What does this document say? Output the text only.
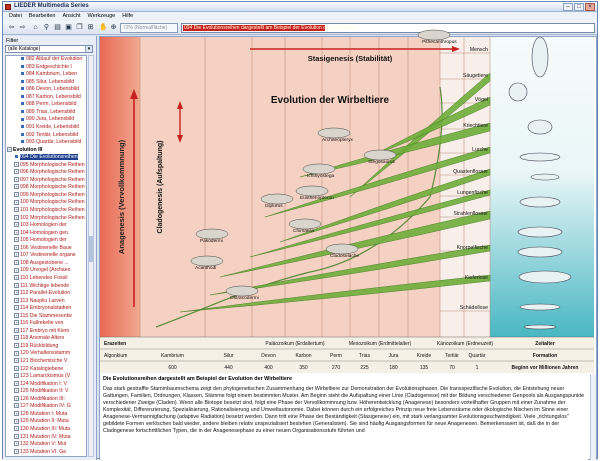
LIEDER Multimedia Series	–	□	×
Datei Bearbeiten Ansicht Werkzeuge Hilfe
⇦ ⇨	⌂ ⚲ ▤ ▣ ❐ ⊞ ✋ ⊕	72% (Normalfläche)	094 Die Evolutionsreihen dargestellt am Beispiel der Evolution der Wirbeltiere
Filter
(alle Kataloge)	▾
082 Ablauf der Evolution
083 Erdgeschichte I
084 Kambrium, Leben
085 Silur, Lebensbild
086 Devon, Lebensbild
087 Karbon, Lebensbild
088 Perm, Lebensbild
089 Trias, Lebensbild
090 Jura, Lebensbild
091 Kreide, Lebensbild
092 Tertiär, Lebensbild
093 Quartär, Lebensbild
− Evolution III
094 Die Evolutionsreihen
+ 095 Morphologische Reihen
+ 096 Morphologische Reihen
+ 097 Morphologische Reihen
+ 098 Morphologische Reihen
+ 099 Morphologische Reihen
+ 100 Morphologische Reihen
+ 101 Morphologische Reihen
+ 102 Morphologische Reihen
+ 103 Homologien der
+ 104 Homologien gen.
+ 105 Homologien der
+ 106 Vestinenelle Baue
+ 107 Vestinenelle organe
+ 108 Ausgestobene ...
+ 109 Urvogel (Archaeo
+ 110 Lebendes Fossil
+ 111 Wichtige lebende
+ 112 Parallel-Evolution
+ 113 Naupliu Larven
+ 114 Embryonalstadien
+ 115 Die Stammesentw
+ 116 Fallrekelte von
+ 117 Embryo mit Kiem
+ 118 Anomale Alters
+ 119 Rückbildung
+ 120 Verhaltensstamm
+ 121 Biochemische V
+ 122 Katalogiebene
+ 123 Lamarckismus (V
+ 124 Modifikation I: V
+ 125 Modifikation II: V
+ 126 Modifikation III:
+ 127 Modifikation IV: G
+ 128 Mutation I: Muta
+ 129 Mutation II: Muta
+ 130 Mutation III: Muta
+ 131 Mutation IV: Muta
+ 132 Mutation V: Mut
+ 133 Mutation VI: Ge
Evolution der Wirbeltiere
Stasigenesis (Stabilität)
Cladogenesis (Aufspaltung)
Anagenesis (Vervollkommnung)
Mensch
Säugetiere
Vögel
Kriechtiere
Lurche
Quastenflosser
Lungenfische
Strahlenflosser
Knorpelfische
Kieferlose
Schädellose
Pithecanthropus
Archaeopteryx
Stegosaurus
Ichthyostega
Diplurus
Eusthenopteron
Chimaera
Pakodermi
Acanthodi
Cladoselache
Ostracodermi
Erazeiten	Paläozoikum (Erdaltertum)	Mesozoikum (Erdmittelalter)	Känozoikum (Erdneuzeit)	Zeitalter
Algonkium	Kambrium	Silur	Devon	Karbon	Perm	Trias	Jura	Kreide	Tertiär Quartär	Formation
600	440	400	350	270	225	180	135	70	1	Beginn vor Millionen Jahren
Die Evolutionsreihen dargestellt am Beispiel der Evolution der Wirbeltiere
Das stark gestraffte Stammbaumschema zeigt den phylogenetischen Zusammenhang der Wirbeltiere zur Demonstration der Evolutionsphasen. Die transspezifische Evolution, die Entstehung neuer Gattungen, Familien, Ordnungen, Klassen, Stämme folgt einem bestimmten Muster. Am Beginn steht die Aufspaltung einer Linie (Cladogenese) mit der Bildung verschiedener Genpools als Ausgangspunkte verschiedener Zweige (Claden). Wenn alle Biotope besetzt sind, folgt eine Phase der Vervollkommnung bzw. Höherentwicklung (Anagenese) besonders vorteilhafter Gruppen mit einer Zunahme der Komplexität, Differenzierung, Spezialisierung, Rationalisierung und Umweltautonomie. Dabei können durch ein erfolgreiches Prinzip neue freie Lebensräume oder ökologische Nischen im Sinne einer Anagenese-Vermannigfachung (adaptive Radiation) besetzt werden. Dann tritt eine Phase der Beständigkeit (Stasigenese) ein, mit stark verlangsamter Evolutionsgeschwindigkeit. Viele „richtungslos" gebildete Formen verlöschen bald wieder, andere bleiben relativ unspezialisiert bestehen (Generalisten). Sie sind häufig Ausgangsformen für neue Anagenesen. Bemerkenswert ist, daß die in der Cladogenese fortschrittlichen Typen, die in der Anagenesephase zu einer neuen Organisationsstufe führten und
